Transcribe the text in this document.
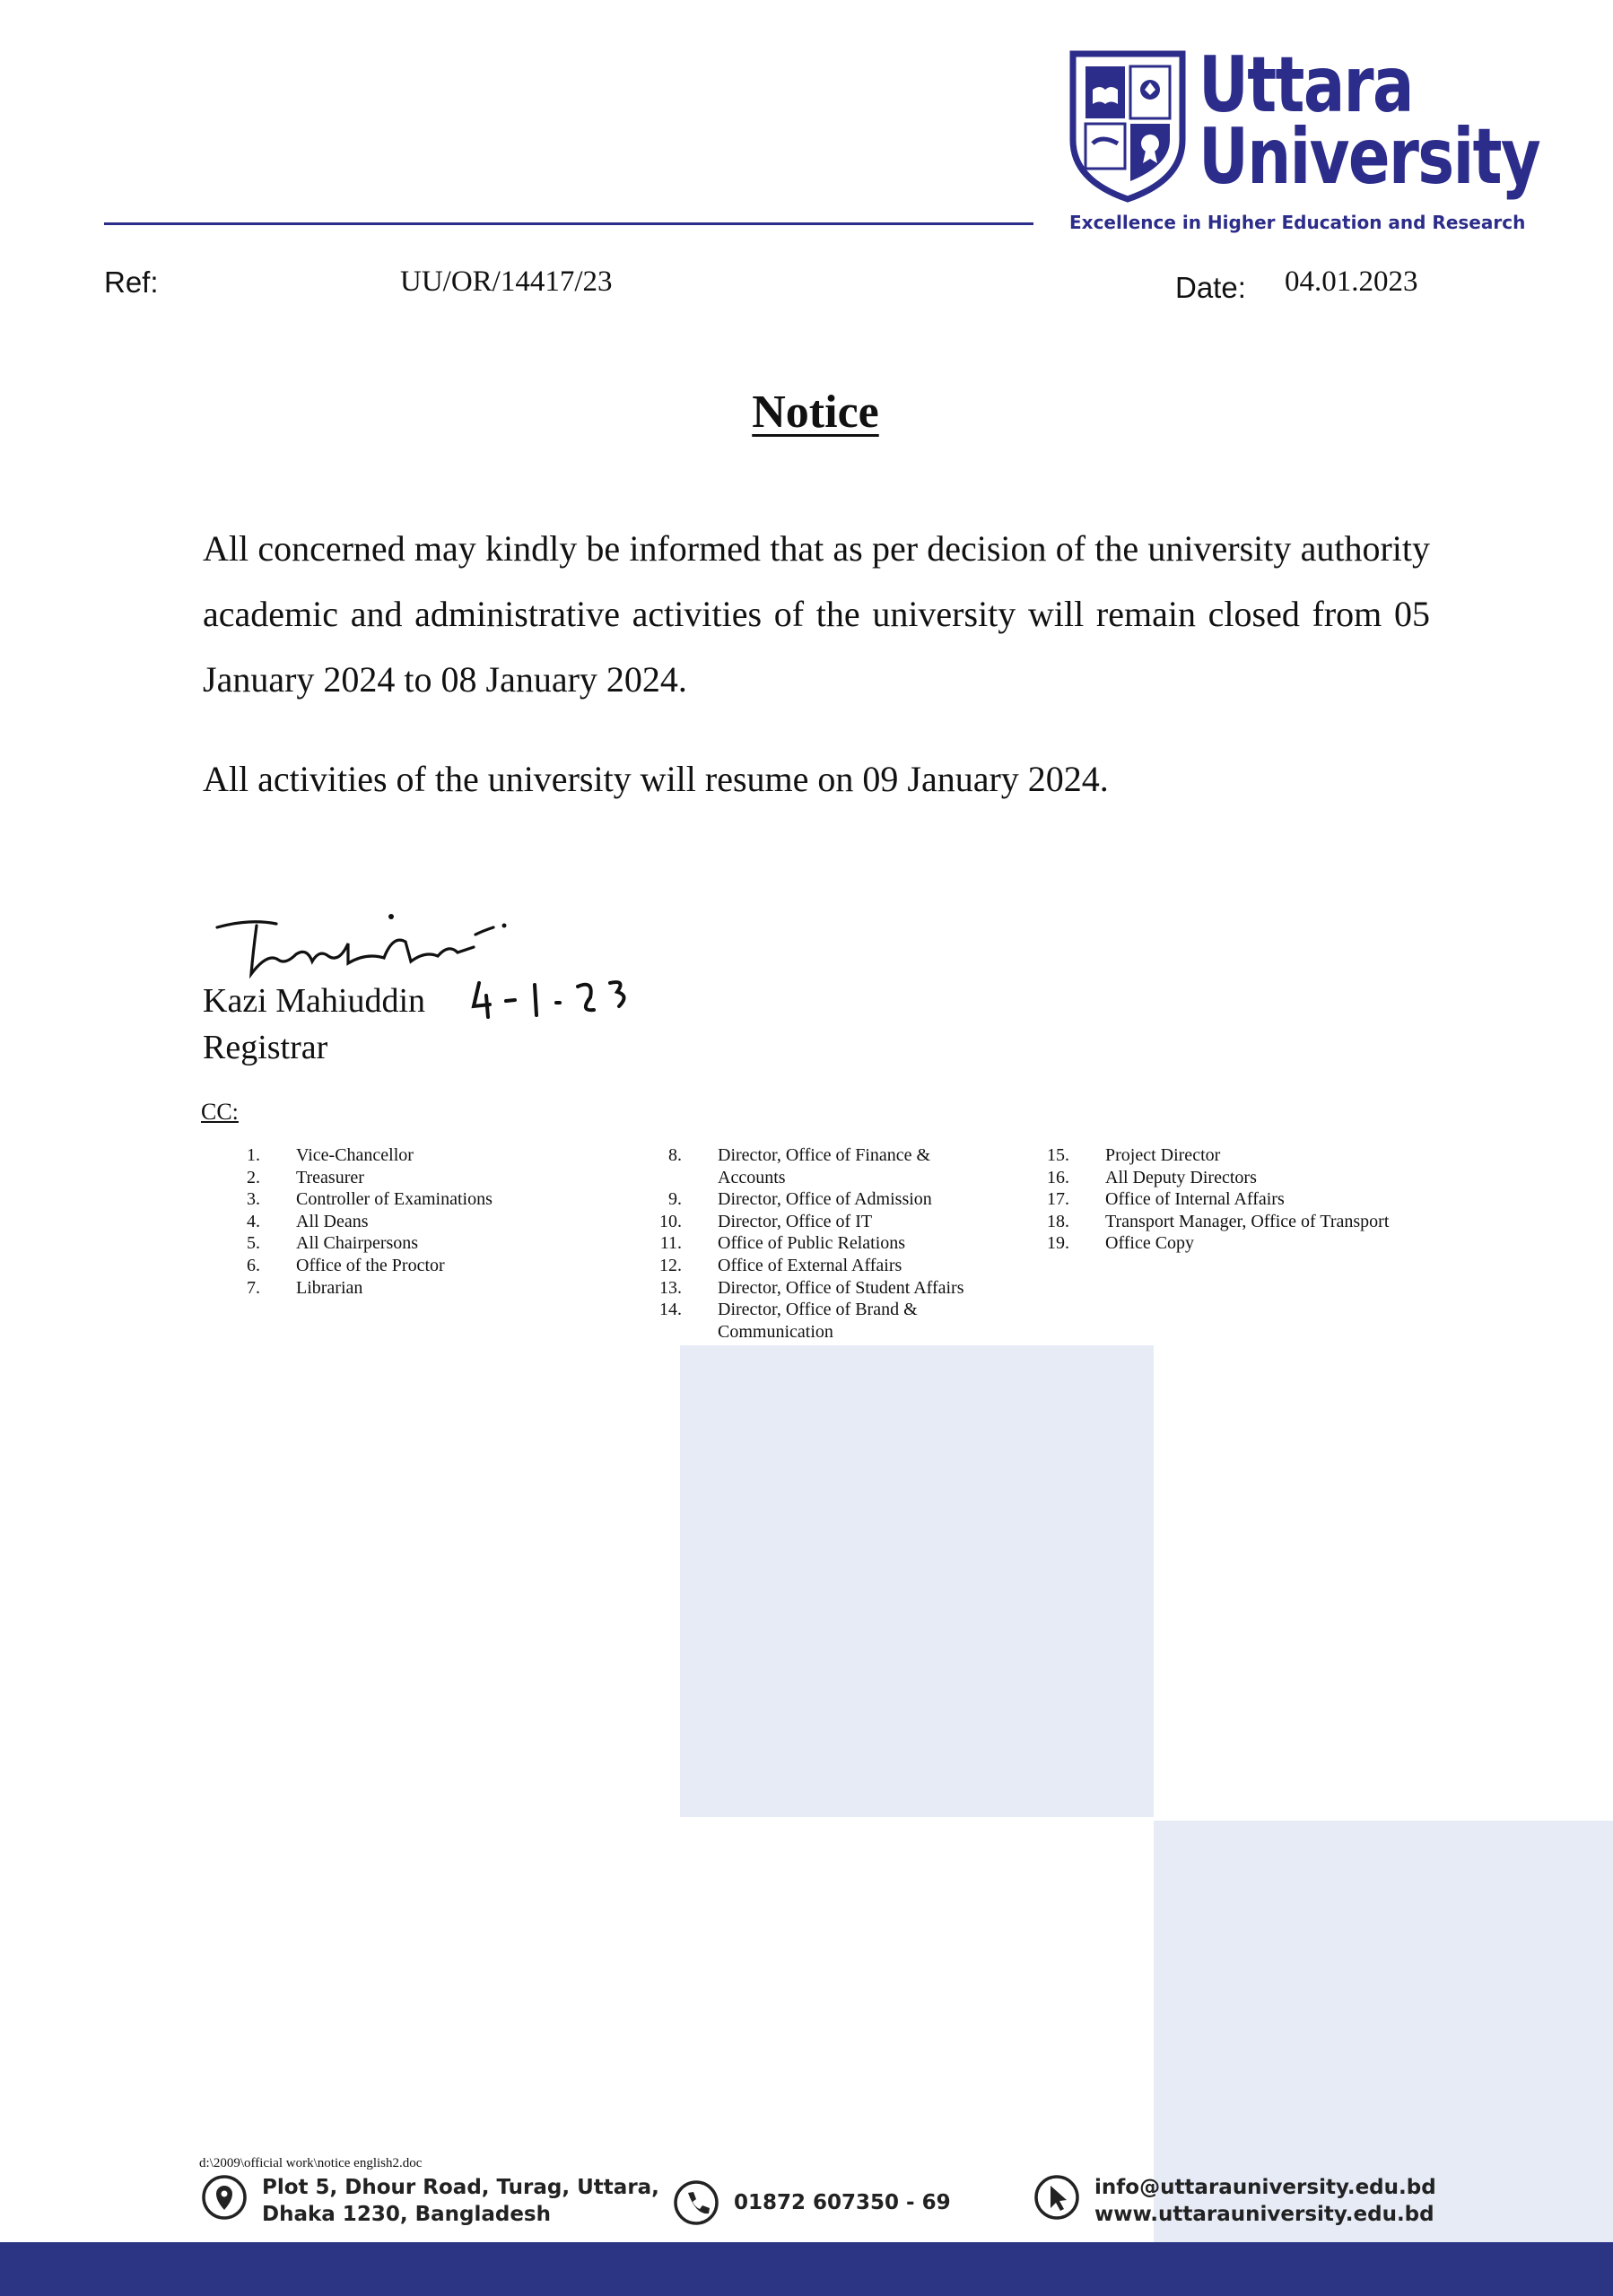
Uttara
University
Excellence in Higher Education and Research
Ref:	UU/OR/14417/23	Date: 04.01.2023
Notice
All concerned may kindly be informed that as per decision of the university authority academic and administrative activities of the university will remain closed from 05 January 2024 to 08 January 2024.
All activities of the university will resume on 09 January 2024.
Kazi Mahiuddin
Registrar
CC:
1.	Vice-Chancellor
2.	Treasurer
3.	Controller of Examinations
4.	All Deans
5.	All Chairpersons
6.	Office of the Proctor
7.	Librarian
8.	Director, Office of Finance &
Accounts
9.	Director, Office of Admission
10.	Director, Office of IT
11.	Office of Public Relations
12.	Office of External Affairs
13.	Director, Office of Student Affairs
14.	Director, Office of Brand &
Communication
15.	Project Director
16.	All Deputy Directors
17.	Office of Internal Affairs
18.	Transport Manager, Office of Transport
19.	Office Copy
d:\2009\official work\notice english2.doc
Plot 5, Dhour Road, Turag, Uttara,
Dhaka 1230, Bangladesh	01872 607350 - 69
info@uttarauniversity.edu.bd
www.uttarauniversity.edu.bd
